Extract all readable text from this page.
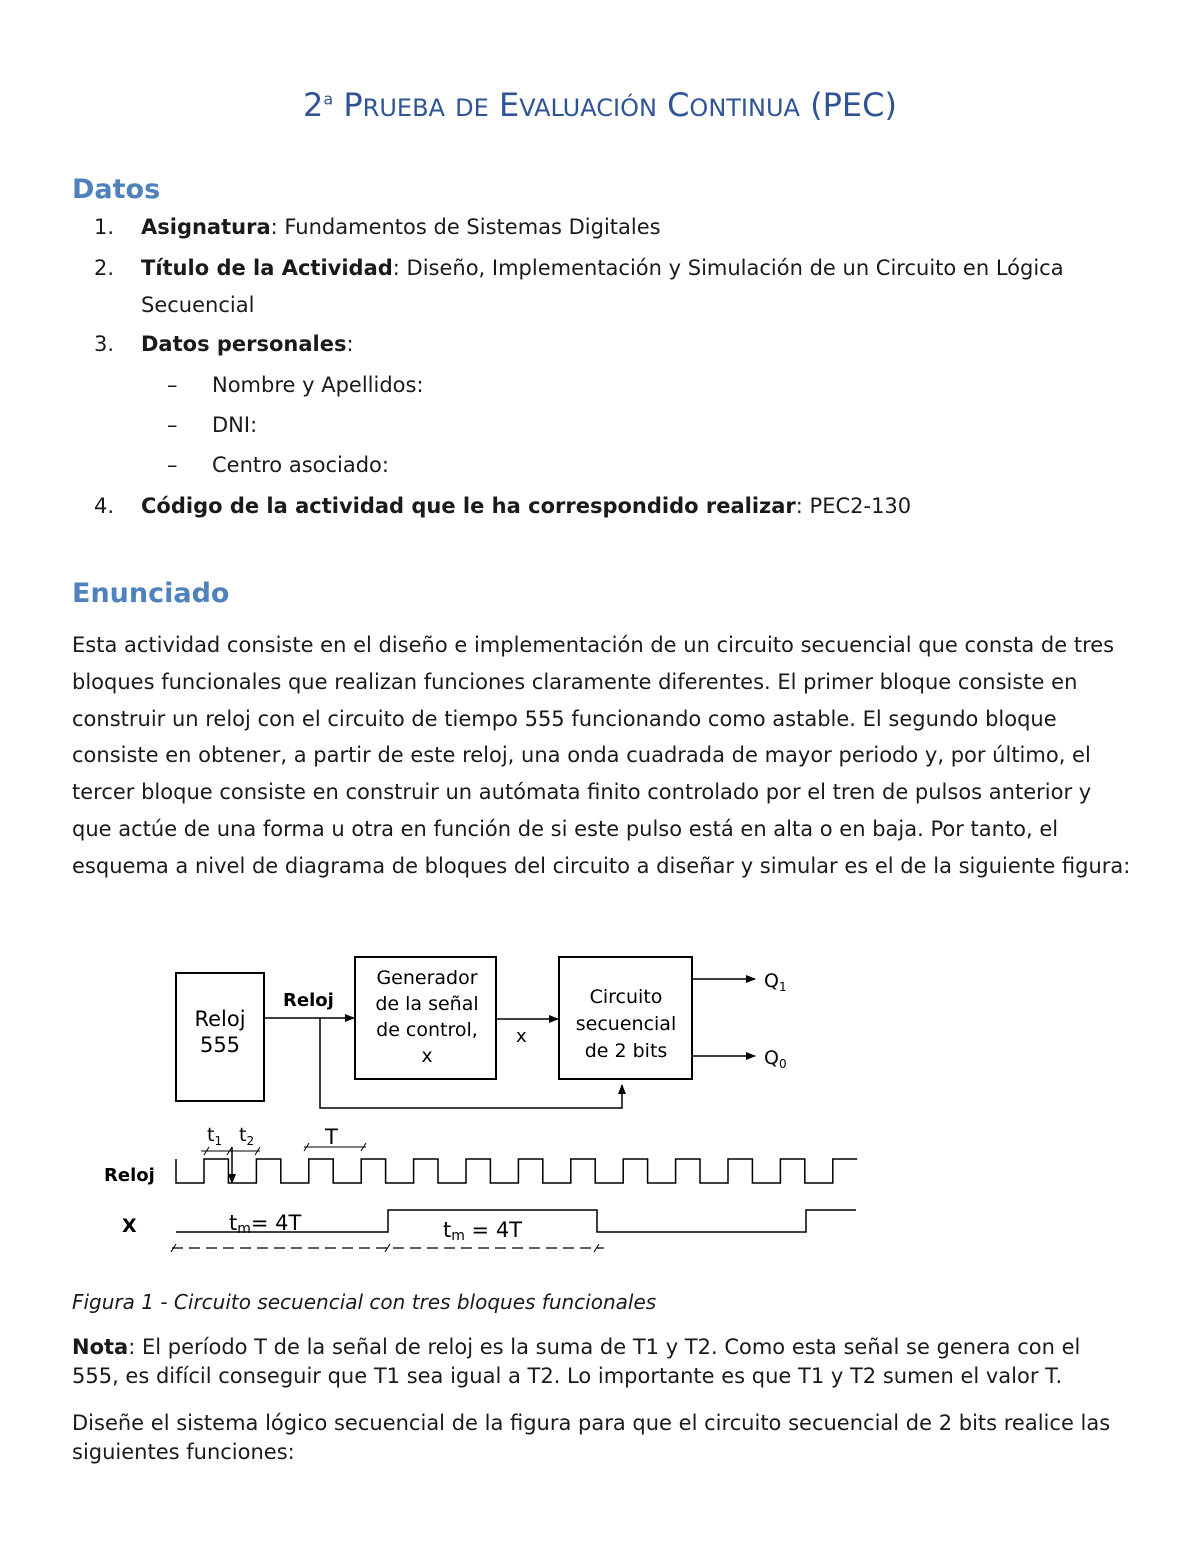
2$^a$ PRUEBA DE EVALUACIÓN CONTINUA (PEC)
Datos
1.	Asignatura: Fundamentos de Sistemas Digitales
2.	Título de la Actividad: Diseño, Implementación y Simulación de un Circuito en Lógica Secuencial
3.	Datos personales:
– Nombre y Apellidos:
– DNI:
– Centro asociado:
4.	Código de la actividad que le ha correspondido realizar: PEC2-130
Enunciado
Esta actividad consiste en el diseño e implementación de un circuito secuencial que consta de tres bloques funcionales que realizan funciones claramente diferentes. El primer bloque consiste en construir un reloj con el circuito de tiempo 555 funcionando como astable. El segundo bloque consiste en obtener, a partir de este reloj, una onda cuadrada de mayor periodo y, por último, el tercer bloque consiste en construir un autómata finito controlado por el tren de pulsos anterior y que actúe de una forma u otra en función de si este pulso está en alta o en baja. Por tanto, el esquema a nivel de diagrama de bloques del circuito a diseñar y simular es el de la siguiente figura:
Reloj
555
Reloj
Generador
de la señal
de control,
x
x
Circuito
secuencial
de 2 bits
$Q_1$
$Q_0$
Reloj
X
$t_1$ $t_2$	T
tm= 4T	tm = 4T
Figura 1 - Circuito secuencial con tres bloques funcionales
Nota: El período T de la señal de reloj es la suma de T1 y T2. Como esta señal se genera con el 555, es difícil conseguir que T1 sea igual a T2. Lo importante es que T1 y T2 sumen el valor T.
Diseñe el sistema lógico secuencial de la figura para que el circuito secuencial de 2 bits realice las siguientes funciones:
